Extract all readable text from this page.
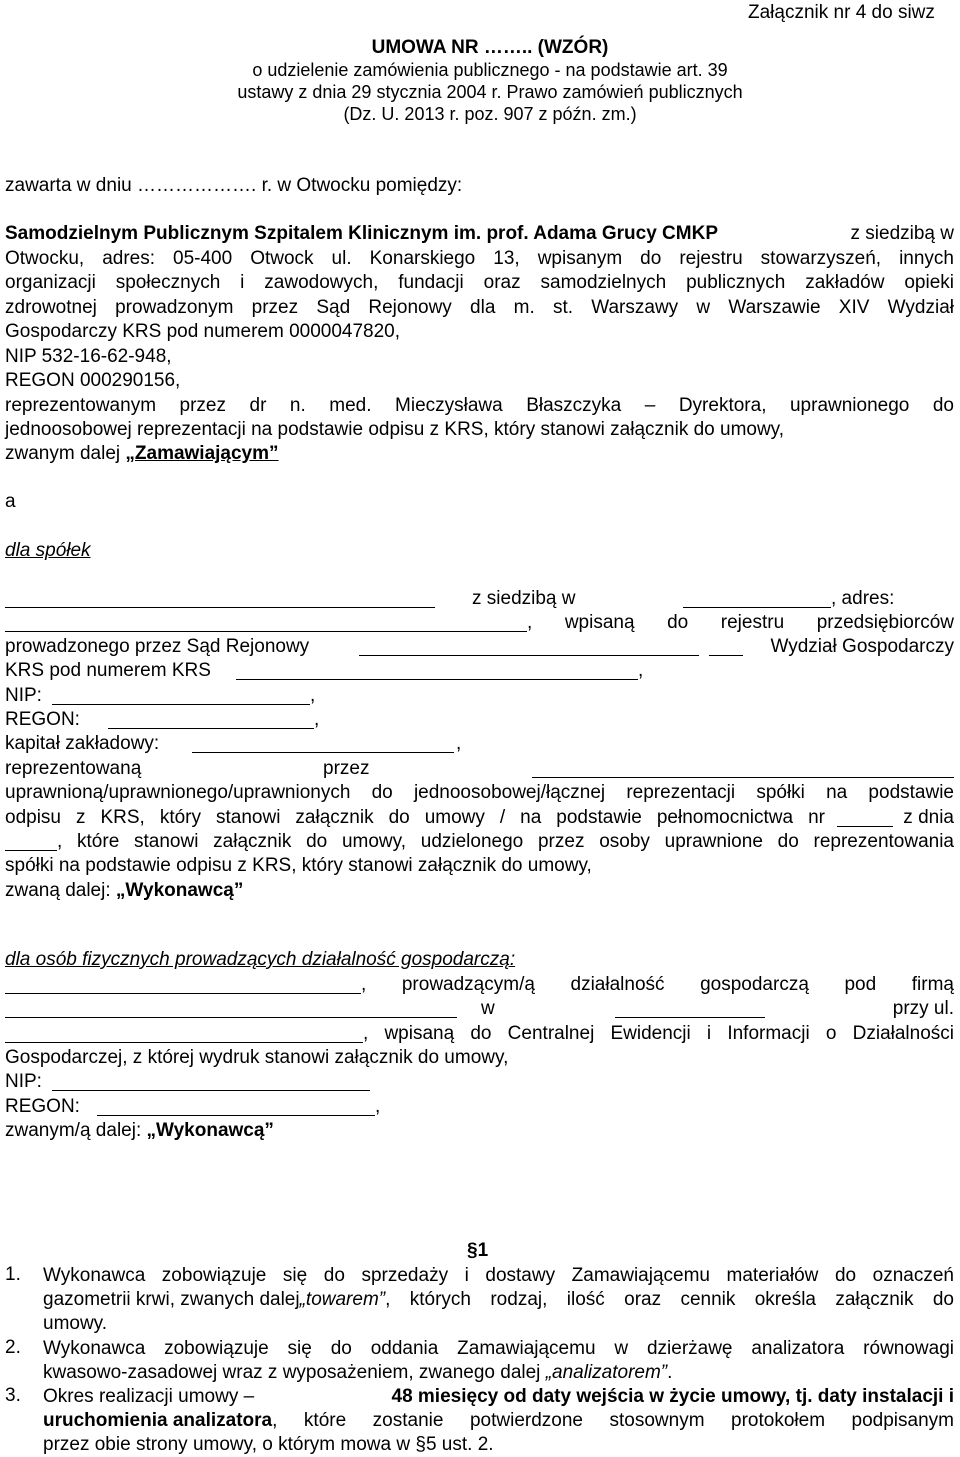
Załącznik nr 4 do siwz
UMOWA NR …….. (WZÓR)
o udzielenie zamówienia publicznego - na podstawie art. 39
ustawy z dnia 29 stycznia 2004 r. Prawo zamówień publicznych
(Dz. U. 2013 r. poz. 907 z późn. zm.)
zawarta w dniu ………………. r. w Otwocku pomiędzy:
Samodzielnym Publicznym Szpitalem Klinicznym im. prof. Adama Grucy CMKP	z siedzibą w
Otwocku, adres: 05-400 Otwock ul. Konarskiego 13, wpisanym do rejestru stowarzyszeń, innych
organizacji społecznych i zawodowych, fundacji oraz samodzielnych publicznych zakładów opieki
zdrowotnej prowadzonym przez Sąd Rejonowy dla m. st. Warszawy w Warszawie XIV Wydział
Gospodarczy KRS pod numerem 0000047820,
NIP 532-16-62-948,
REGON 000290156,
reprezentowanym przez dr n. med. Mieczysława Błaszczyka – Dyrektora, uprawnionego do
jednoosobowej reprezentacji na podstawie odpisu z KRS, który stanowi załącznik do umowy,
zwanym dalej „Zamawiającym”
a
dla spółek
z siedzibą w	, adres:
, wpisaną do rejestru przedsiębiorców
prowadzonego przez Sąd Rejonowy	Wydział Gospodarczy
KRS pod numerem KRS	,
NIP:	,
REGON:	,
kapitał zakładowy:	,
reprezentowaną	przez
uprawnioną/uprawnionego/uprawnionych do jednoosobowej/łącznej reprezentacji spółki na podstawie
odpisu z KRS, który stanowi załącznik do umowy / na podstawie pełnomocnictwa nr	z dnia
, które stanowi załącznik do umowy, udzielonego przez osoby uprawnione do reprezentowania
spółki na podstawie odpisu z KRS, który stanowi załącznik do umowy,
zwaną dalej: „Wykonawcą”
dla osób fizycznych prowadzących działalność gospodarczą:
, prowadzącym/ą działalność gospodarczą pod firmą
w	przy ul.
, wpisaną do Centralnej Ewidencji i Informacji o Działalności
Gospodarczej, z której wydruk stanowi załącznik do umowy,
NIP:
REGON:	,
zwanym/ą dalej: „Wykonawcą”
§1
1. Wykonawca zobowiązuje się do sprzedaży i dostawy Zamawiającemu materiałów do oznaczeń
gazometrii krwi, zwanych dalej „towarem” , których rodzaj, ilość oraz cennik określa załącznik do
umowy.
2. Wykonawca zobowiązuje się do oddania Zamawiającemu w dzierżawę analizatora równowagi
kwasowo-zasadowej wraz z wyposażeniem, zwanego dalej „analizatorem”.
3. Okres realizacji umowy –	48 miesięcy od daty wejścia w życie umowy, tj. daty instalacji i
uruchomienia analizatora , które zostanie potwierdzone stosownym protokołem podpisanym
przez obie strony umowy, o którym mowa w §5 ust. 2.
